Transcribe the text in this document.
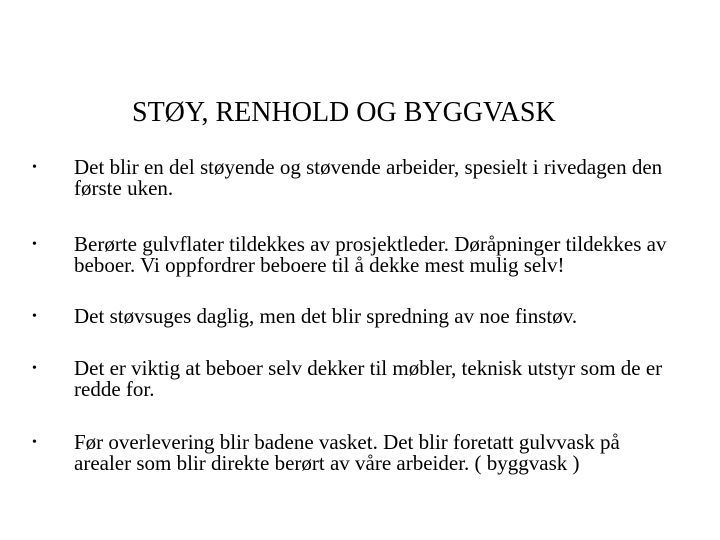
STØY, RENHOLD OG BYGGVASK
•	Det blir en del støyende og støvende arbeider, spesielt i rivedagen den første uken.
•	Berørte gulvflater tildekkes av prosjektleder. Døråpninger tildekkes av beboer. Vi oppfordrer beboere til å dekke mest mulig selv!
•	Det støvsuges daglig, men det blir spredning av noe finstøv.
•	Det er viktig at beboer selv dekker til møbler, teknisk utstyr som de er redde for.
•	Før overlevering blir badene vasket. Det blir foretatt gulvvask på arealer som blir direkte berørt av våre arbeider. ( byggvask )
